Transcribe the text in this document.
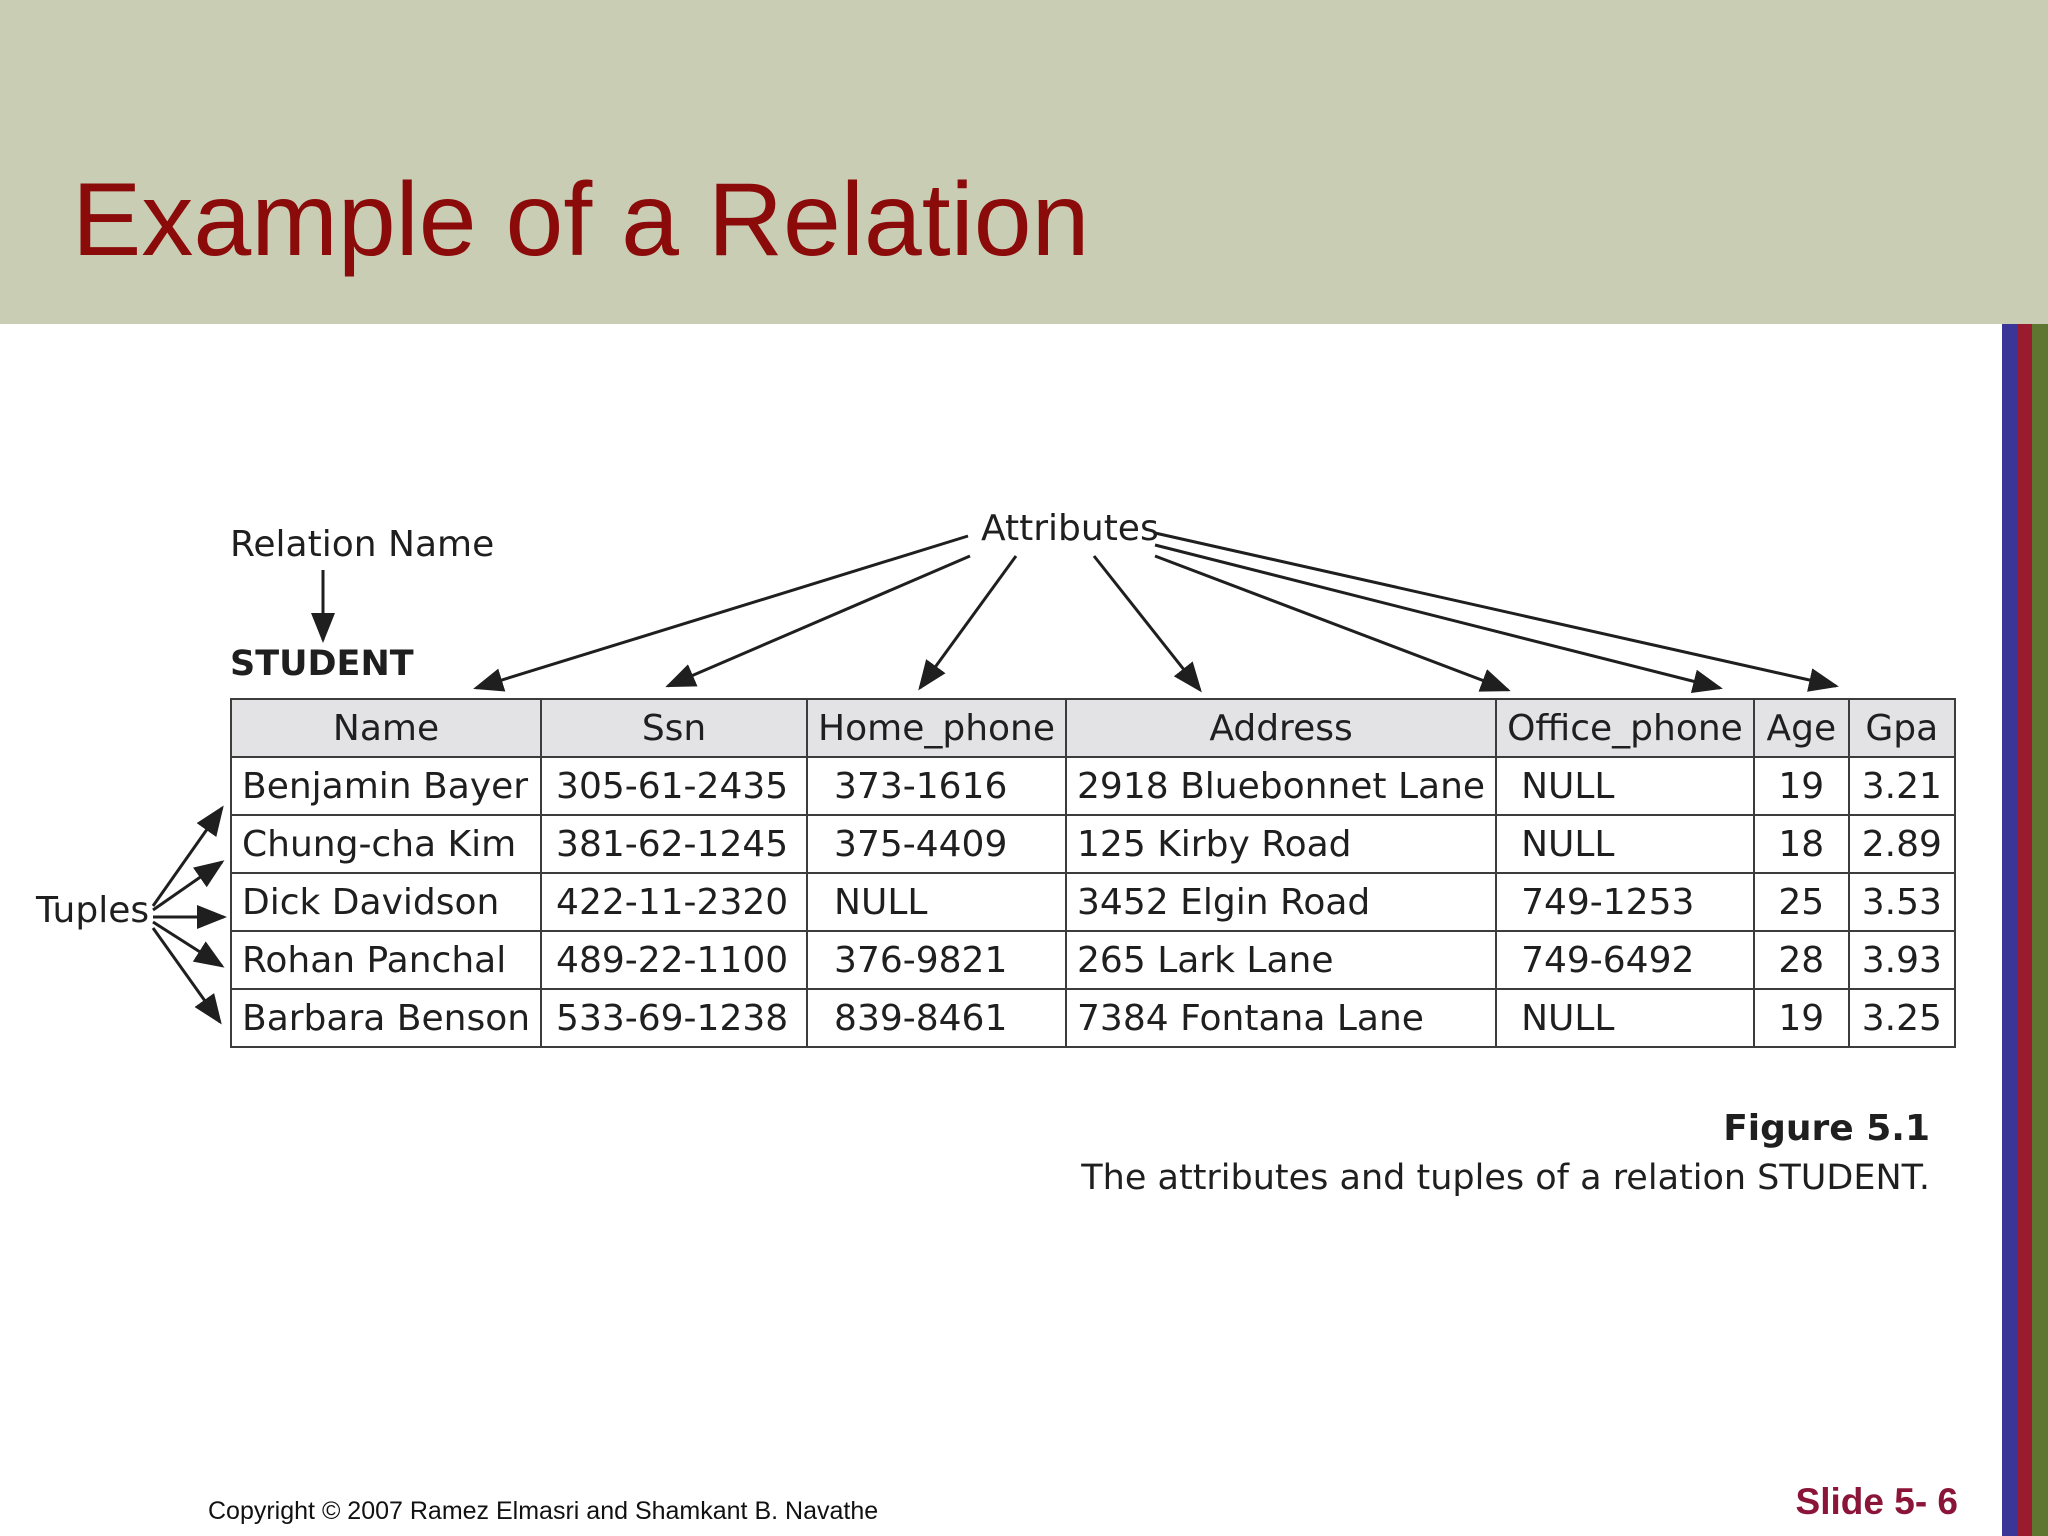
Example of a Relation
Relation Name	Attributes
STUDENT
Tuples
Name	Ssn	Home_phone	Address	Office_phone	Age	Gpa
Benjamin Bayer	305-61-2435	373-1616	2918 Bluebonnet Lane	NULL	19	3.21
Chung-cha Kim	381-62-1245	375-4409	125 Kirby Road	NULL	18	2.89
Dick Davidson	422-11-2320	NULL	3452 Elgin Road	749-1253	25	3.53
Rohan Panchal	489-22-1100	376-9821	265 Lark Lane	749-6492	28	3.93
Barbara Benson	533-69-1238	839-8461	7384 Fontana Lane	NULL	19	3.25
Figure 5.1
The attributes and tuples of a relation STUDENT.
Copyright © 2007 Ramez Elmasri and Shamkant B. Navathe	Slide 5- 6
